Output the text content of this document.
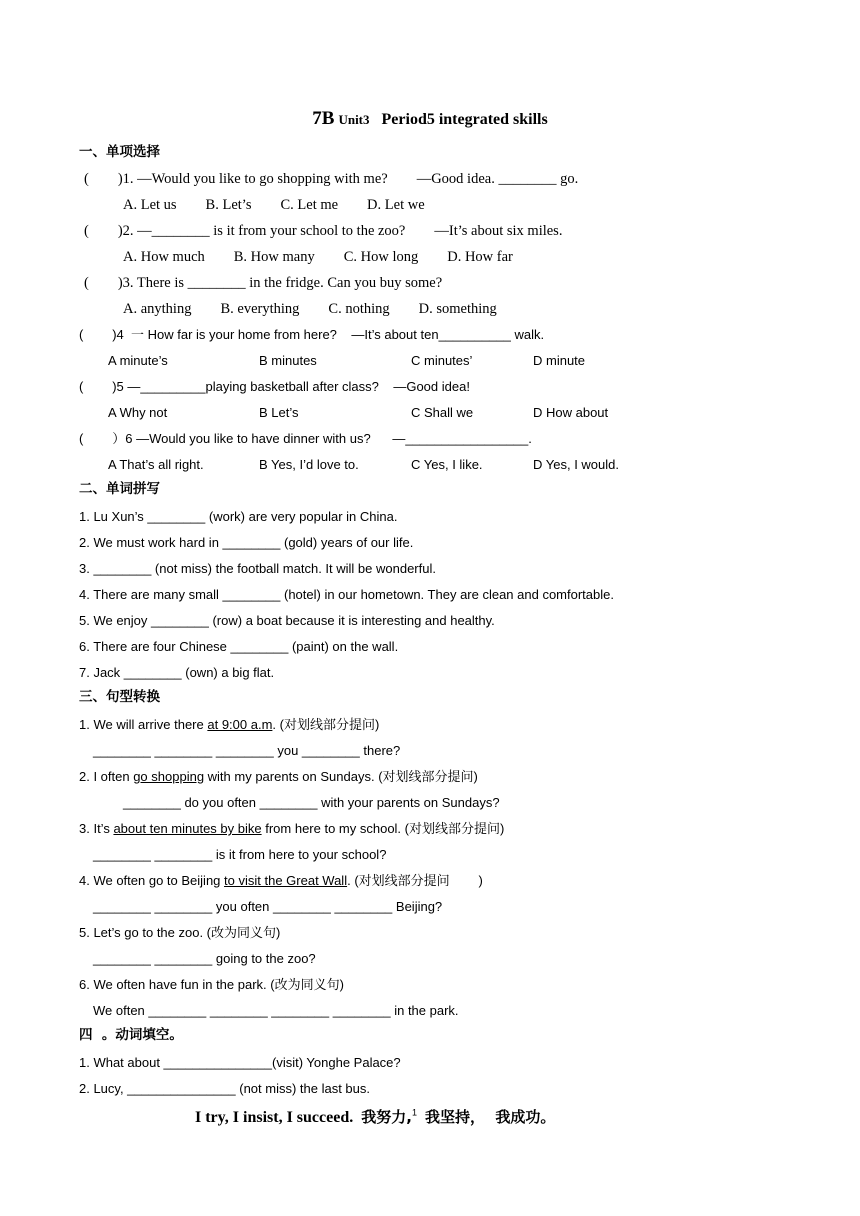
7B Unit3 Period5 integrated skills
一、单项选择
(        )1. —Would you like to go shopping with me?        —Good idea. ________ go.
A. Let us        B. Let’s        C. Let me        D. Let we
(        )2. —________ is it from your school to the zoo?        —It’s about six miles.
A. How much        B. How many        C. How long        D. How far
(        )3. There is ________ in the fridge. Can you buy some?
A. anything        B. everything        C. nothing        D. something
(        )4  一 How far is your home from here?    —It’s about ten__________ walk.
A minute’s	B minutes	C minutes’	D minute
(        )5 —_________playing basketball after class?    —Good idea!
A Why not	B Let’s	C Shall we	D How about
(        ）6 —Would you like to have dinner with us?      —_________________.
A That’s all right.	B Yes, I’d love to.	C Yes, I like.	D Yes, I would.
二、单词拼写
1. Lu Xun’s ________ (work) are very popular in China.
2. We must work hard in ________ (gold) years of our life.
3. ________ (not miss) the football match. It will be wonderful.
4. There are many small ________ (hotel) in our hometown. They are clean and comfortable.
5. We enjoy ________ (row) a boat because it is interesting and healthy.
6. There are four Chinese ________ (paint) on the wall.
7. Jack ________ (own) a big flat.
三、句型转换
1. We will arrive there at 9:00 a.m. (对划线部分提问)
________ ________ ________ you ________ there?
2. I often go shopping with my parents on Sundays. (对划线部分提问)
________ do you often ________ with your parents on Sundays?
3. It’s about ten minutes by bike from here to my school. (对划线部分提问)
________ ________ is it from here to your school?
4. We often go to Beijing to visit the Great Wall. (对划线部分提问        )
________ ________ you often ________ ________ Beijing?
5. Let’s go to the zoo. (改为同义句)
________ ________ going to the zoo?
6. We often have fun in the park. (改为同义句)
We often ________ ________ ________ ________ in the park.
四  。动词填空。
1. What about _______________(visit) Yonghe Palace?
2. Lucy, _______________ (not miss) the last bus.
I try, I insist, I succeed. 我努力,$^1$ 我坚持，  我成功。
